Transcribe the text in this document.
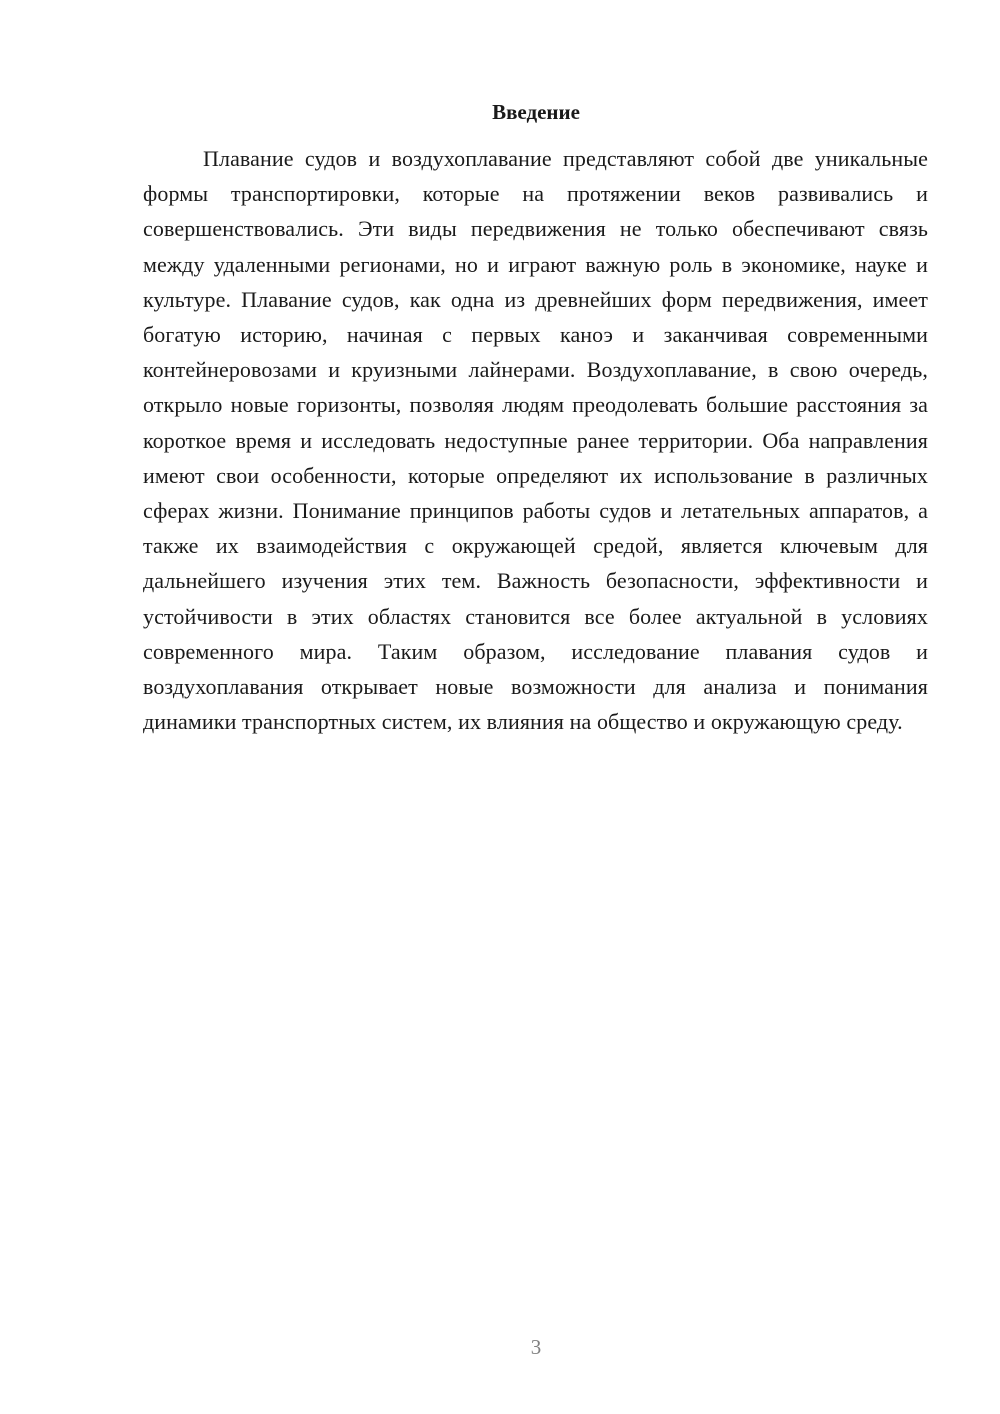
Введение

Плавание судов и воздухоплавание представляют собой две уникальные формы транспортировки, которые на протяжении веков развивались и совершенствовались. Эти виды передвижения не только обеспечивают связь между удаленными регионами, но и играют важную роль в экономике, науке и культуре. Плавание судов, как одна из древнейших форм передвижения, имеет богатую историю, начиная с первых каноэ и заканчивая современными контейнеровозами и круизными лайнерами. Воздухоплавание, в свою очередь, открыло новые горизонты, позволяя людям преодолевать большие расстояния за короткое время и исследовать недоступные ранее территории. Оба направления имеют свои особенности, которые определяют их использование в различных сферах жизни. Понимание принципов работы судов и летательных аппаратов, а также их взаимодействия с окружающей средой, является ключевым для дальнейшего изучения этих тем. Важность безопасности, эффективности и устойчивости в этих областях становится все более актуальной в условиях современного мира. Таким образом, исследование плавания судов и воздухоплавания открывает новые возможности для анализа и понимания динамики транспортных систем, их влияния на общество и окружающую среду.

3
